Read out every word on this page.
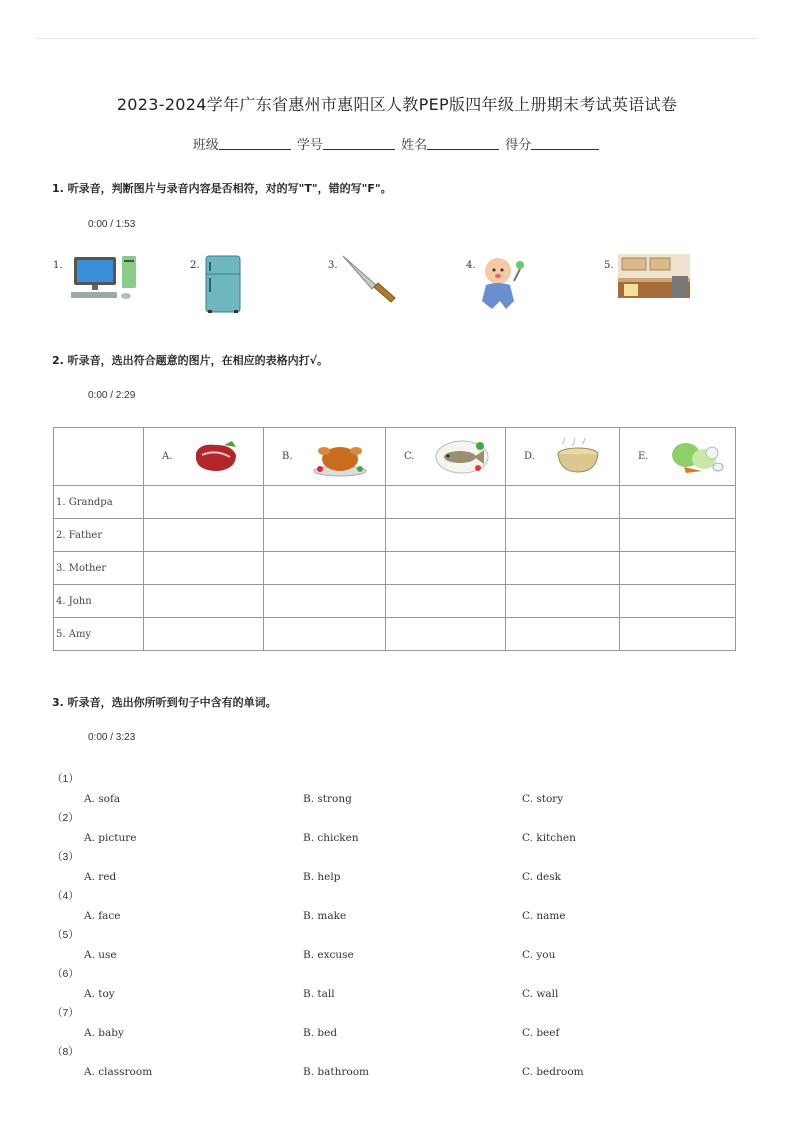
2023-2024学年广东省惠州市惠阳区人教PEP版四年级上册期末考试英语试卷
班级	学号	姓名	得分
1. 听录音，判断图片与录音内容是否相符，对的写"T"，错的写"F"。
0:00 / 1:53
1.	2.	3.	4.	5.
2. 听录音，选出符合题意的图片，在相应的表格内打√。
0:00 / 2:29

	A.	B.	C.	D.	E.

1. Grandpa					
2. Father					
3. Mother					
4. John					
5. Amy					
3. 听录音，选出你所听到句子中含有的单词。
0:00 / 3:23
（1）
A. sofa	B. strong	C. story
（2）
A. picture	B. chicken	C. kitchen
（3）
A. red	B. help	C. desk
（4）
A. face	B. make	C. name
（5）
A. use	B. excuse	C. you
（6）
A. toy	B. tall	C. wall
（7）
A. baby	B. bed	C. beef
（8）
A. classroom	B. bathroom	C. bedroom
